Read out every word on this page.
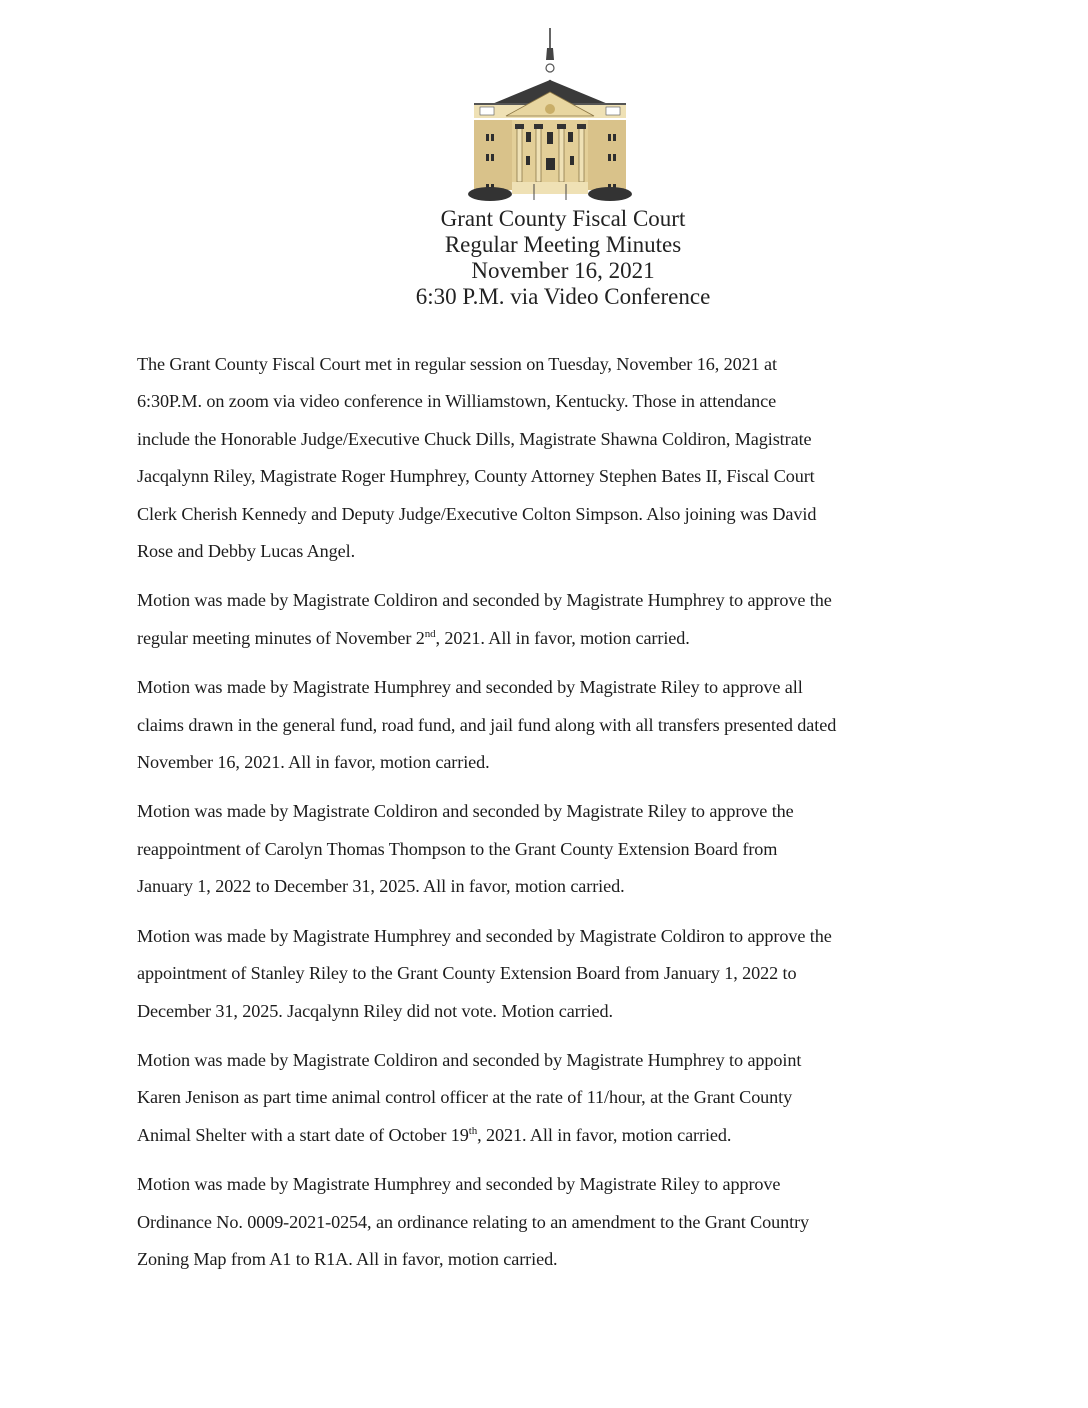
Grant County Fiscal Court
Regular Meeting Minutes
November 16, 2021
6:30 P.M. via Video Conference
The Grant County Fiscal Court met in regular session on Tuesday, November 16, 2021 at
6:30P.M. on zoom via video conference in Williamstown, Kentucky. Those in attendance
include the Honorable Judge/Executive Chuck Dills, Magistrate Shawna Coldiron, Magistrate
Jacqalynn Riley, Magistrate Roger Humphrey, County Attorney Stephen Bates II, Fiscal Court
Clerk Cherish Kennedy and Deputy Judge/Executive Colton Simpson. Also joining was David
Rose and Debby Lucas Angel.
Motion was made by Magistrate Coldiron and seconded by Magistrate Humphrey to approve the
regular meeting minutes of November 2nd, 2021. All in favor, motion carried.
Motion was made by Magistrate Humphrey and seconded by Magistrate Riley to approve all
claims drawn in the general fund, road fund, and jail fund along with all transfers presented dated
November 16, 2021. All in favor, motion carried.
Motion was made by Magistrate Coldiron and seconded by Magistrate Riley to approve the
reappointment of Carolyn Thomas Thompson to the Grant County Extension Board from
January 1, 2022 to December 31, 2025. All in favor, motion carried.
Motion was made by Magistrate Humphrey and seconded by Magistrate Coldiron to approve the
appointment of Stanley Riley to the Grant County Extension Board from January 1, 2022 to
December 31, 2025. Jacqalynn Riley did not vote. Motion carried.
Motion was made by Magistrate Coldiron and seconded by Magistrate Humphrey to appoint
Karen Jenison as part time animal control officer at the rate of 11/hour, at the Grant County
Animal Shelter with a start date of October 19th, 2021. All in favor, motion carried.
Motion was made by Magistrate Humphrey and seconded by Magistrate Riley to approve
Ordinance No. 0009-2021-0254, an ordinance relating to an amendment to the Grant Country
Zoning Map from A1 to R1A. All in favor, motion carried.
